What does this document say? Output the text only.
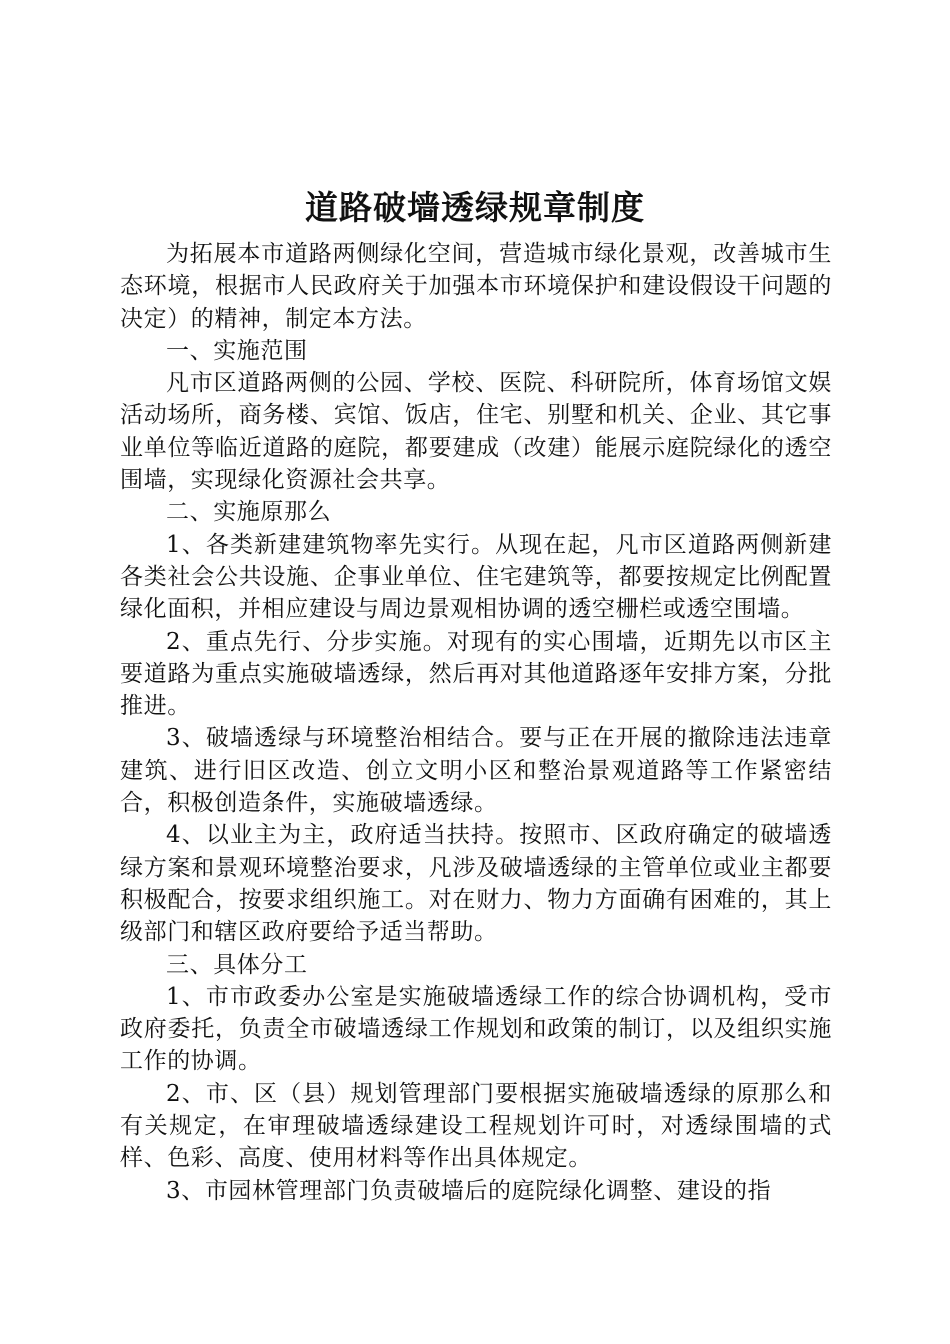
道路破墙透绿规章制度

为拓展本市道路两侧绿化空间，营造城市绿化景观，改善城市生态环境，根据市人民政府关于加强本市环境保护和建设假设干问题的决定）的精神，制定本方法。

一、实施范围

凡市区道路两侧的公园、学校、医院、科研院所，体育场馆文娱活动场所，商务楼、宾馆、饭店，住宅、别墅和机关、企业、其它事业单位等临近道路的庭院，都要建成（改建）能展示庭院绿化的透空围墙，实现绿化资源社会共享。

二、实施原那么

1、各类新建建筑物率先实行。从现在起，凡市区道路两侧新建各类社会公共设施、企事业单位、住宅建筑等，都要按规定比例配置绿化面积，并相应建设与周边景观相协调的透空栅栏或透空围墙。

2、重点先行、分步实施。对现有的实心围墙，近期先以市区主要道路为重点实施破墙透绿，然后再对其他道路逐年安排方案，分批推进。

3、破墙透绿与环境整治相结合。要与正在开展的撤除违法违章建筑、进行旧区改造、创立文明小区和整治景观道路等工作紧密结合，积极创造条件，实施破墙透绿。

4、以业主为主，政府适当扶持。按照市、区政府确定的破墙透绿方案和景观环境整治要求，凡涉及破墙透绿的主管单位或业主都要积极配合，按要求组织施工。对在财力、物力方面确有困难的，其上级部门和辖区政府要给予适当帮助。

三、具体分工

1、市市政委办公室是实施破墙透绿工作的综合协调机构，受市政府委托，负责全市破墙透绿工作规划和政策的制订，以及组织实施工作的协调。

2、市、区（县）规划管理部门要根据实施破墙透绿的原那么和有关规定，在审理破墙透绿建设工程规划许可时，对透绿围墙的式样、色彩、高度、使用材料等作出具体规定。

3、市园林管理部门负责破墙后的庭院绿化调整、建设的指
